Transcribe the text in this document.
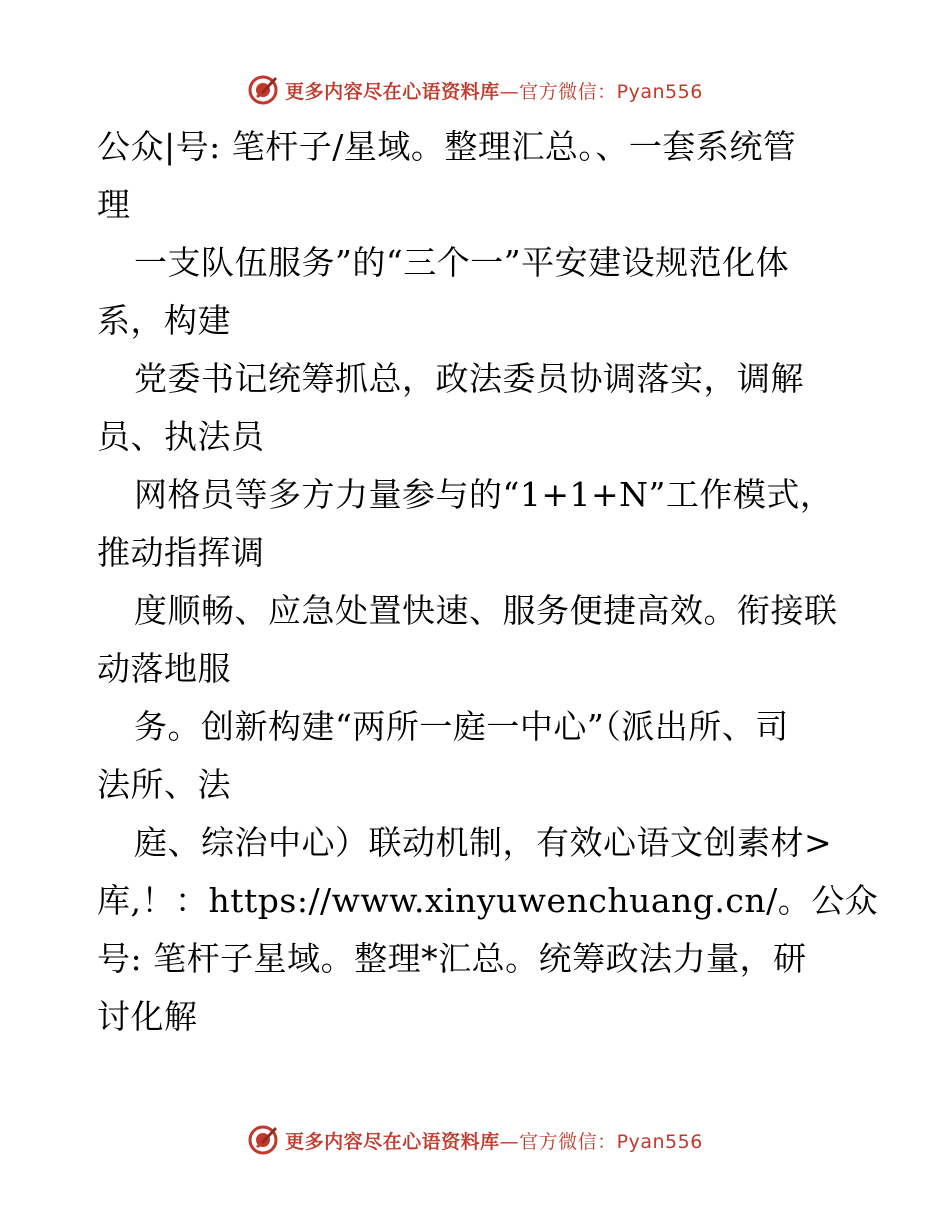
更多内容尽在心语资料库—官方微信：Pyan556
公众|号: 笔杆子/星域。整理汇总。、一套系统管
理
一支队伍服务”的“三个一”平安建设规范化体
系，构建
党委书记统筹抓总，政法委员协调落实，调解
员、执法员
网格员等多方力量参与的“1+1+N”工作模式，
推动指挥调
度顺畅、应急处置快速、服务便捷高效。衔接联
动落地服
务。创新构建“两所一庭一中心”（派出所、司
法所、法
庭、综治中心）联动机制，有效心语文创素材>
库,！：https://www.xinyuwenchuang.cn/。公众
号: 笔杆子星域。整理*汇总。统筹政法力量，研
讨化解
更多内容尽在心语资料库—官方微信：Pyan556
